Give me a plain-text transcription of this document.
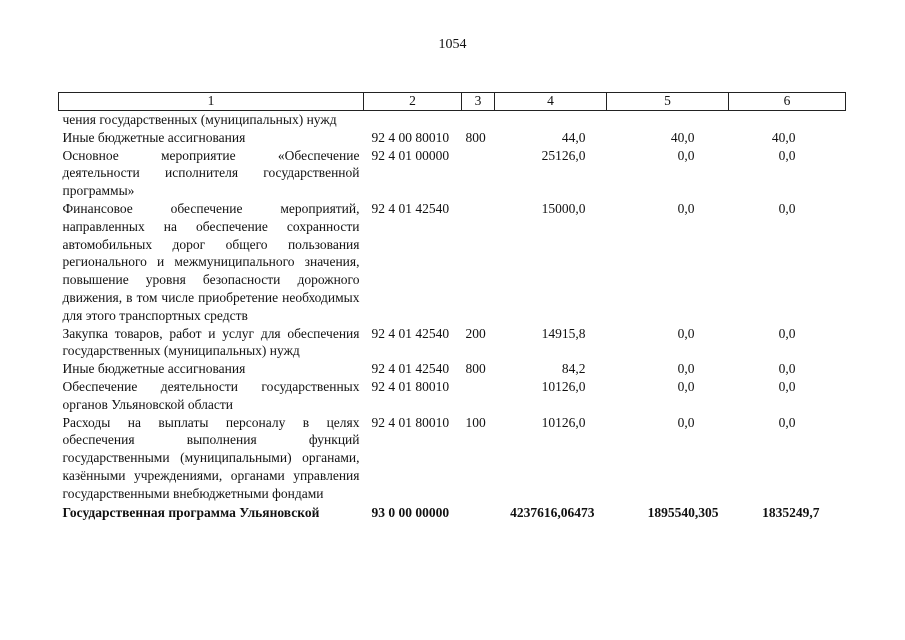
1054
1	2	3	4	5	6
чения государственных (муниципальных) нужд					
Иные бюджетные ассигнования	92 4 00 80010	800	44,0	40,0	40,0
Основное мероприятие «Обеспечение деятельности исполнителя государственной программы»	92 4 01 00000		25126,0	0,0	0,0
Финансовое обеспечение мероприятий, направленных на обеспечение сохранности автомобильных дорог общего пользования регионального и межмуниципального значения, повышение уровня безопасности дорожного движения, в том числе приобретение необходимых для этого транспортных средств	92 4 01 42540		15000,0	0,0	0,0
Закупка товаров, работ и услуг для обеспечения государственных (муниципальных) нужд	92 4 01 42540	200	14915,8	0,0	0,0
Иные бюджетные ассигнования	92 4 01 42540	800	84,2	0,0	0,0
Обеспечение деятельности государственных органов Ульяновской области	92 4 01 80010		10126,0	0,0	0,0
Расходы на выплаты персоналу в целях обеспечения выполнения функций государственными (муниципальными) органами, казёнными учреждениями, органами управления государственными внебюджетными фондами	92 4 01 80010	100	10126,0	0,0	0,0
Государственная программа Ульяновской	93 0 00 00000		4237616,06473	1895540,305	1835249,7
